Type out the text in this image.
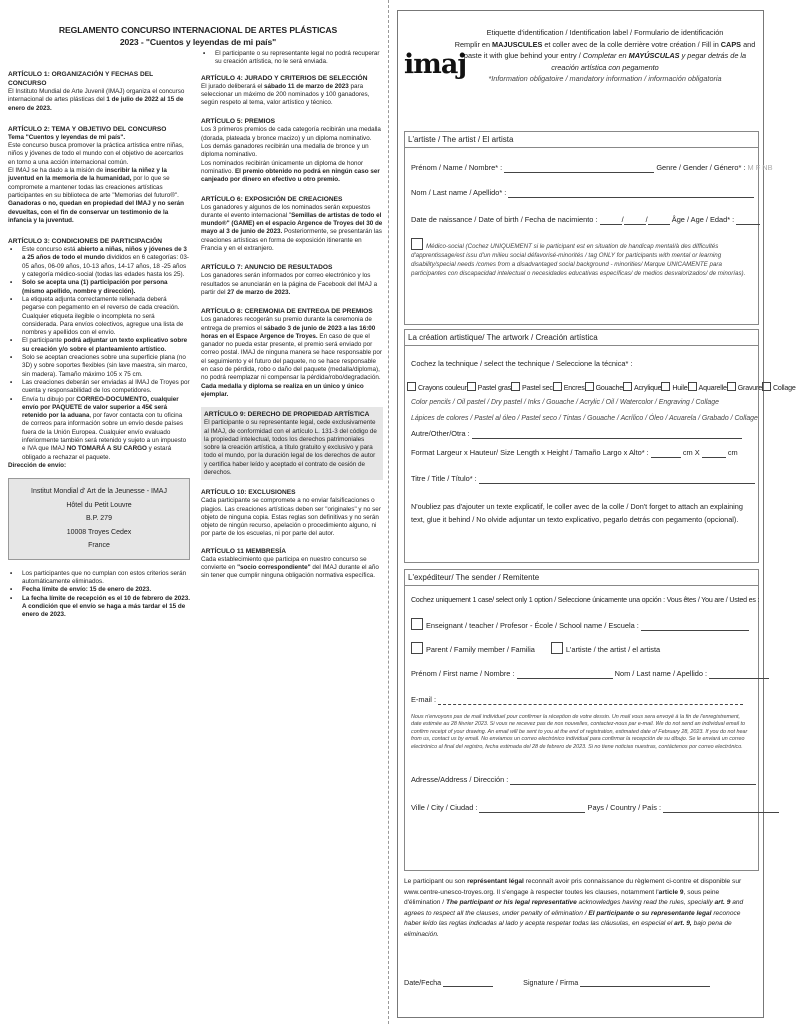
REGLAMENTO CONCURSO INTERNACIONAL DE ARTES PLÁSTICAS
2023 - "Cuentos y leyendas de mi país"
ARTÍCULO 1: ORGANIZACIÓN Y FECHAS DEL CONCURSO
El Instituto Mundial de Arte Juvenil (IMAJ) organiza el concurso internacional de artes plásticas del 1 de julio de 2022 al 15 de enero de 2023.
ARTÍCULO 2: TEMA Y OBJETIVO DEL CONCURSO
Tema "Cuentos y leyendas de mi país".
Este concurso busca promover la práctica artística entre niñas, niños y jóvenes de todo el mundo con el objetivo de acercarlos en torno a una acción internacional común.
El IMAJ se ha dado a la misión de inscribir la niñez y la juventud en la memoria de la humanidad, por lo que se compromete a mantener todas las creaciones artísticas participantes en su biblioteca de arte "Memorias del futuro®". Ganadoras o no, quedan en propiedad del IMAJ y no serán devueltas, con el fin de conservar un testimonio de la infancia y la juventud.
ARTÍCULO 3: CONDICIONES DE PARTICIPACIÓN
• Este concurso está abierto a niñas, niños y jóvenes de 3 a 25 años de todo el mundo divididos en 6 categorías: 03-05 años, 06-09 años, 10-13 años, 14-17 años, 18 -25 años y categoría médico-social (todas las edades hasta los 25).
• Solo se acepta una (1) participación por persona (mismo apellido, nombre y dirección).
• La etiqueta adjunta correctamente rellenada deberá pegarse con pegamento en el reverso de cada creación. Cualquier etiqueta ilegible o incompleta no será considerada. Para envíos colectivos, agregue una lista de nombres y apellidos con el envío.
• El participante podrá adjuntar un texto explicativo sobre su creación y/o sobre el planteamiento artístico.
• Solo se aceptan creaciones sobre una superficie plana (no 3D) y sobre soportes flexibles (sin lave maestra, sin marco, sin madera). Tamaño máximo 105 x 75 cm.
• Las creaciones deberán ser enviadas al IMAJ de Troyes por cuenta y responsabilidad de los competidores.
• Envía tu dibujo por CORREO-DOCUMENTO, cualquier envío por PAQUETE de valor superior a 45€ será retenido por la aduana, por favor contacta con tu oficina de correos para información sobre un envío desde países fuera de la Unión Europea. Cualquier envío evaluado inferiormente también será retenido y sujeto a un impuesto e IVA que IMAJ NO TOMARÁ A SU CARGO y estará obligado a rechazar el paquete.
Dirección de envío:
Institut Mondial d' Art de la Jeunesse - IMAJ
Hôtel du Petit Louvre
B.P. 279
10008 Troyes Cedex
France
• Los participantes que no cumplan con estos criterios serán automáticamente eliminados.
• Fecha límite de envío: 15 de enero de 2023.
• La fecha límite de recepción es el 10 de febrero de 2023. A condición que el envío se haga a más tardar el 15 de enero de 2023.
• El participante o su representante legal no podrá recuperar su creación artística, no le será enviada.
ARTÍCULO 4: JURADO Y CRITERIOS DE SELECCIÓN
El jurado deliberará el sábado 11 de marzo de 2023 para seleccionar un máximo de 200 nominados y 100 ganadores, según respeto al tema, valor artístico y técnico.
ARTÍCULO 5: PREMIOS
Los 3 primeros premios de cada categoría recibirán una medalla (dorada, plateada y bronce macizo) y un diploma nominativo. Los demás ganadores recibirán una medalla de bronce y un diploma nominativo.
Los nominados recibirán únicamente un diploma de honor nominativo. El premio obtenido no podrá en ningún caso ser canjeado por dinero en efectivo u otro premio.
ARTÍCULO 6: EXPOSICIÓN DE CREACIONES
Los ganadores y algunos de los nominados serán expuestos durante el evento internacional "Semillas de artistas de todo el mundo®" (GAME) en el espacio Argence de Troyes del 30 de mayo al 3 de junio de 2023. Posteriormente, se presentarán las creaciones artísticas en forma de exposición itinerante en Francia y en el extranjero.
ARTÍCULO 7: ANUNCIO DE RESULTADOS
Los ganadores serán informados por correo electrónico y los resultados se anunciarán en la página de Facebook del IMAJ a partir del 27 de marzo de 2023.
ARTÍCULO 8: CEREMONIA DE ENTREGA DE PREMIOS
Los ganadores recogerán su premio durante la ceremonia de entrega de premios el sábado 3 de junio de 2023 a las 16:00 horas en el Espace Argence de Troyes. En caso de que el ganador no pueda estar presente, el premio será enviado por correo postal. IMAJ de ninguna manera se hace responsable por el seguimiento y el futuro del paquete, no se hace responsable en caso de pérdida, robo o daño del paquete (medalla/diploma), no podrá reemplazar ni compensar la pérdida/robo/degradación. Cada medalla y diploma se realiza en un único y único ejemplar.
ARTÍCULO 9: DERECHO DE PROPIEDAD ARTÍSTICA
El participante o su representante legal, cede exclusivamente al IMAJ, de conformidad con el artículo L. 131-3 del código de la propiedad intelectual, todos los derechos patrimoniales sobre la creación artística, a título gratuito y exclusivo y para todo el mundo, por la duración legal de los derechos de autor y certifica haber leído y aceptado el contrato de cesión de derechos.
ARTÍCULO 10: EXCLUSIONES
Cada participante se compromete a no enviar falsificaciones o plagios. Las creaciones artísticas deben ser "originales" y no ser objeto de ninguna copia. Estas reglas son definitivas y no serán objeto de ningún recurso, apelación o procedimiento alguno, ni por parte de los escuelas, ni por parte del autor.
ARTÍCULO 11 MEMBRESÍA
Cada establecimiento que participa en nuestro concurso se convierte en "socio correspondiente" del IMAJ durante el año sin tener que cumplir ninguna obligación normativa específica.
imaj
Etiquette d'identification / Identification label / Formulario de identificación
Remplir en MAJUSCULES et coller avec de la colle derrière votre création / Fill in CAPS and paste it with glue behind your entry / Completar en MAYÚSCULAS y pegar detrás de la creación artística con pegamento
*Information obligatoire / mandatory information / información obligatoria
L'artiste / The artist / El artista
Prénom / Name / Nombre* :	Genre / Gender / Género* : M F NB
Nom / Last name / Apellido* :
Date de naissance / Date of birth / Fecha de nacimiento :	/	/	Âge / Age / Edad* :
Médico-social (Cochez UNIQUEMENT si le participant est en situation de handicap mental/à des difficultés d'apprentissage/est issu d'un milieu social défavorisé-minorités / tag ONLY for participants with mental or learning disability/special needs /comes from a disadvantaged social background - minorities/ Marque UNICAMENTE para participantes con discapacidad intelectual o necesidades educativas específicas/ de medios desvalorizados/ de minorías).
La création artistique/ The artwork / Creación artística
Cochez la technique / select the technique / Seleccione la técnica* :
Crayons couleur Pastel gras Pastel sec Encres Gouache Acrylique Huile Aquarelle Gravure Collage
Color pencils / Oil pastel / Dry pastel / Inks / Gouache / Acrylic / Oil / Watercolor / Engraving / Collage
Lápices de colores / Pastel al óleo / Pastel seco / Tintas / Gouache / Acrílico / Óleo / Acuarela / Grabado / Collage
Autre/Other/Otra :
Format Largeur x Hauteur/ Size Length x Height / Tamaño Largo x Alto* :	cm X	cm
Titre / Title / Título* :
N'oubliez pas d'ajouter un texte explicatif, le coller avec de la colle / Don't forget to attach an explaining text, glue it behind / No olvide adjuntar un texto explicativo, pegarlo detrás con pegamento (opcional).
L'expéditeur/ The sender / Remitente
Cochez uniquement 1 case/ select only 1 option / Seleccione únicamente una opción : Vous êtes / You are / Usted es :
Enseignant / teacher / Profesor - École / School name / Escuela :
Parent / Family member / Familia	L'artiste / the artist / el artista
Prénom / First name / Nombre :	Nom / Last name / Apellido :
E-mail :
Nous n'envoyons pas de mail individuel pour confirmer la réception de votre dessin. Un mail vous sera envoyé à la fin de l'enregistrement, date estimée au 28 février 2023. Si vous ne recevez pas de nos nouvelles, contactez-nous par e-mail. We do not send an individual email to confirm receipt of your drawing. An email will be sent to you at the end of registration, estimated date of February 28, 2023. If you do not hear from us, contact us by email. No enviamos un correo electrónico individual para confirmar la recepción de su dibujo. Se le enviará un correo electrónico al final del registro, fecha estimada del 28 de febrero de 2023. Si no tiene noticias nuestras, contáctenos por correo electrónico.
Adresse/Address / Dirección :
Ville / City / Ciudad :	Pays / Country / País :
Le participant ou son représentant légal reconnaît avoir pris connaissance du règlement ci-contre et disponible sur www.centre-unesco-troyes.org. Il s'engage à respecter toutes les clauses, notamment l'article 9, sous peine d'élimination / The participant or his legal representative acknowledges having read the rules, specially art. 9 and agrees to respect all the clauses, under penalty of elimination / El participante o su representante legal reconoce haber leído las reglas indicadas al lado y acepta respetar todas las cláusulas, en especial el art. 9, bajo pena de eliminación.
Date/Fecha	Signature / Firma
